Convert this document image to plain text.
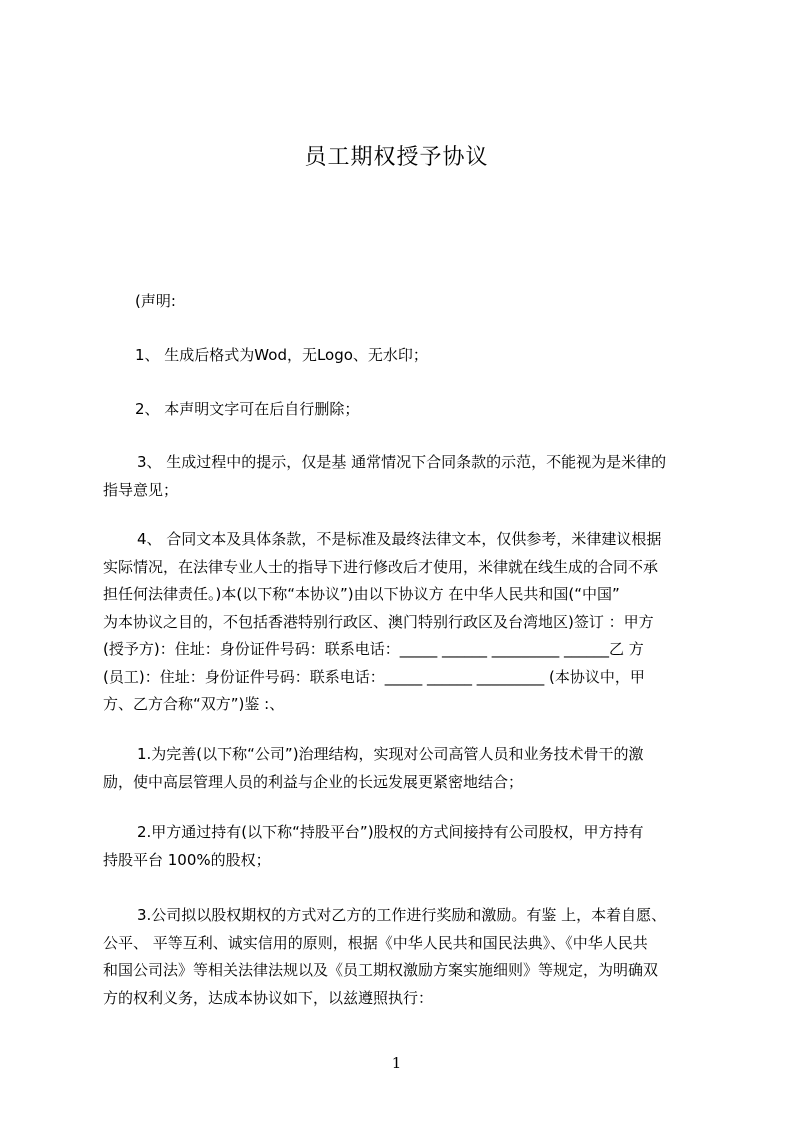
员工期权授予协议
(声明:
1、 生成后格式为Wod，无Logo、无水印；
2、 本声明文字可在后自行删除；
3、 生成过程中的提示，仅是基 通常情况下合同条款的示范，不能视为是米律的
指导意见；
4、 合同文本及具体条款，不是标准及最终法律文本，仅供参考，米律建议根据
实际情况，在法律专业人士的指导下进行修改后才使用，米律就在线生成的合同不承
担任何法律责任。)本(以下称“本协议”)由以下协议方 在中华人民共和国(“中国”
为本协议之目的，不包括香港特别行政区、澳门特别行政区及台湾地区)签订 ：甲方
(授予方)：住址：身份证件号码：联系电话：_____ ______ _________ ______乙 方
(员工)：住址：身份证件号码：联系电话：_____ ______ _________ (本协议中，甲
方、乙方合称“双方”)鉴 :、
1.为完善(以下称“公司”)治理结构，实现对公司高管人员和业务技术骨干的激
励，使中高层管理人员的利益与企业的长远发展更紧密地结合；
2.甲方通过持有(以下称“持股平台”)股权的方式间接持有公司股权，甲方持有
持股平台 100%的股权；
3.公司拟以股权期权的方式对乙方的工作进行奖励和激励。有鉴 上，本着自愿、
公平、 平等互利、诚实信用的原则，根据《中华人民共和国民法典》、《中华人民共
和国公司法》等相关法律法规以及《员工期权激励方案实施细则》等规定，为明确双
方的权利义务，达成本协议如下，以兹遵照执行：
1
